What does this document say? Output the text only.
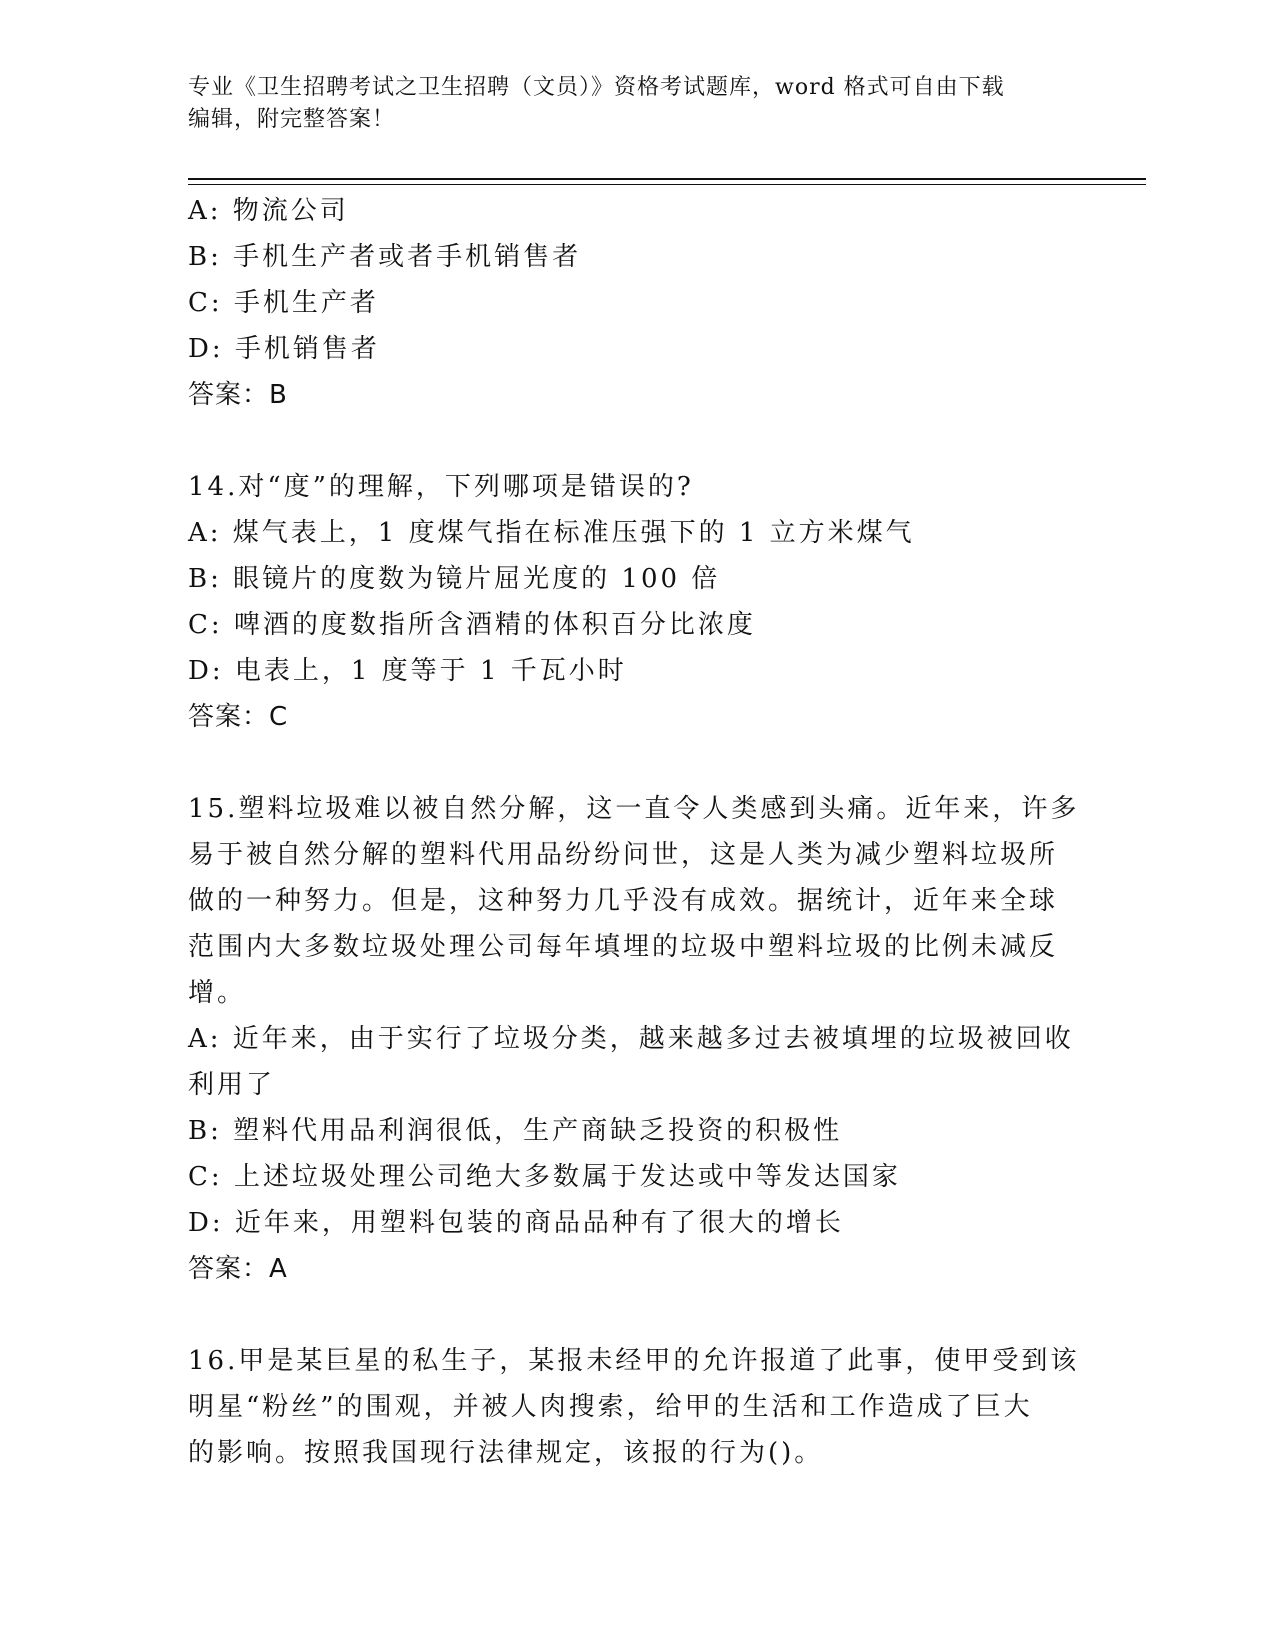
专业《卫生招聘考试之卫生招聘（文员）》资格考试题库，word 格式可自由下载
编辑，附完整答案！
A: 物流公司
B: 手机生产者或者手机销售者
C: 手机生产者
D: 手机销售者
答案：B
14.对“度”的理解，下列哪项是错误的?
A: 煤气表上，1 度煤气指在标准压强下的 1 立方米煤气
B: 眼镜片的度数为镜片屈光度的 100 倍
C: 啤酒的度数指所含酒精的体积百分比浓度
D: 电表上，1 度等于 1 千瓦小时
答案：C
15.塑料垃圾难以被自然分解，这一直令人类感到头痛。近年来，许多
易于被自然分解的塑料代用品纷纷问世，这是人类为减少塑料垃圾所
做的一种努力。但是，这种努力几乎没有成效。据统计，近年来全球
范围内大多数垃圾处理公司每年填埋的垃圾中塑料垃圾的比例未减反
增。
A: 近年来，由于实行了垃圾分类，越来越多过去被填埋的垃圾被回收
利用了
B: 塑料代用品利润很低，生产商缺乏投资的积极性
C: 上述垃圾处理公司绝大多数属于发达或中等发达国家
D: 近年来，用塑料包装的商品品种有了很大的增长
答案：A
16.甲是某巨星的私生子，某报未经甲的允许报道了此事，使甲受到该
明星“粉丝”的围观，并被人肉搜索，给甲的生活和工作造成了巨大
的影响。按照我国现行法律规定，该报的行为()。
